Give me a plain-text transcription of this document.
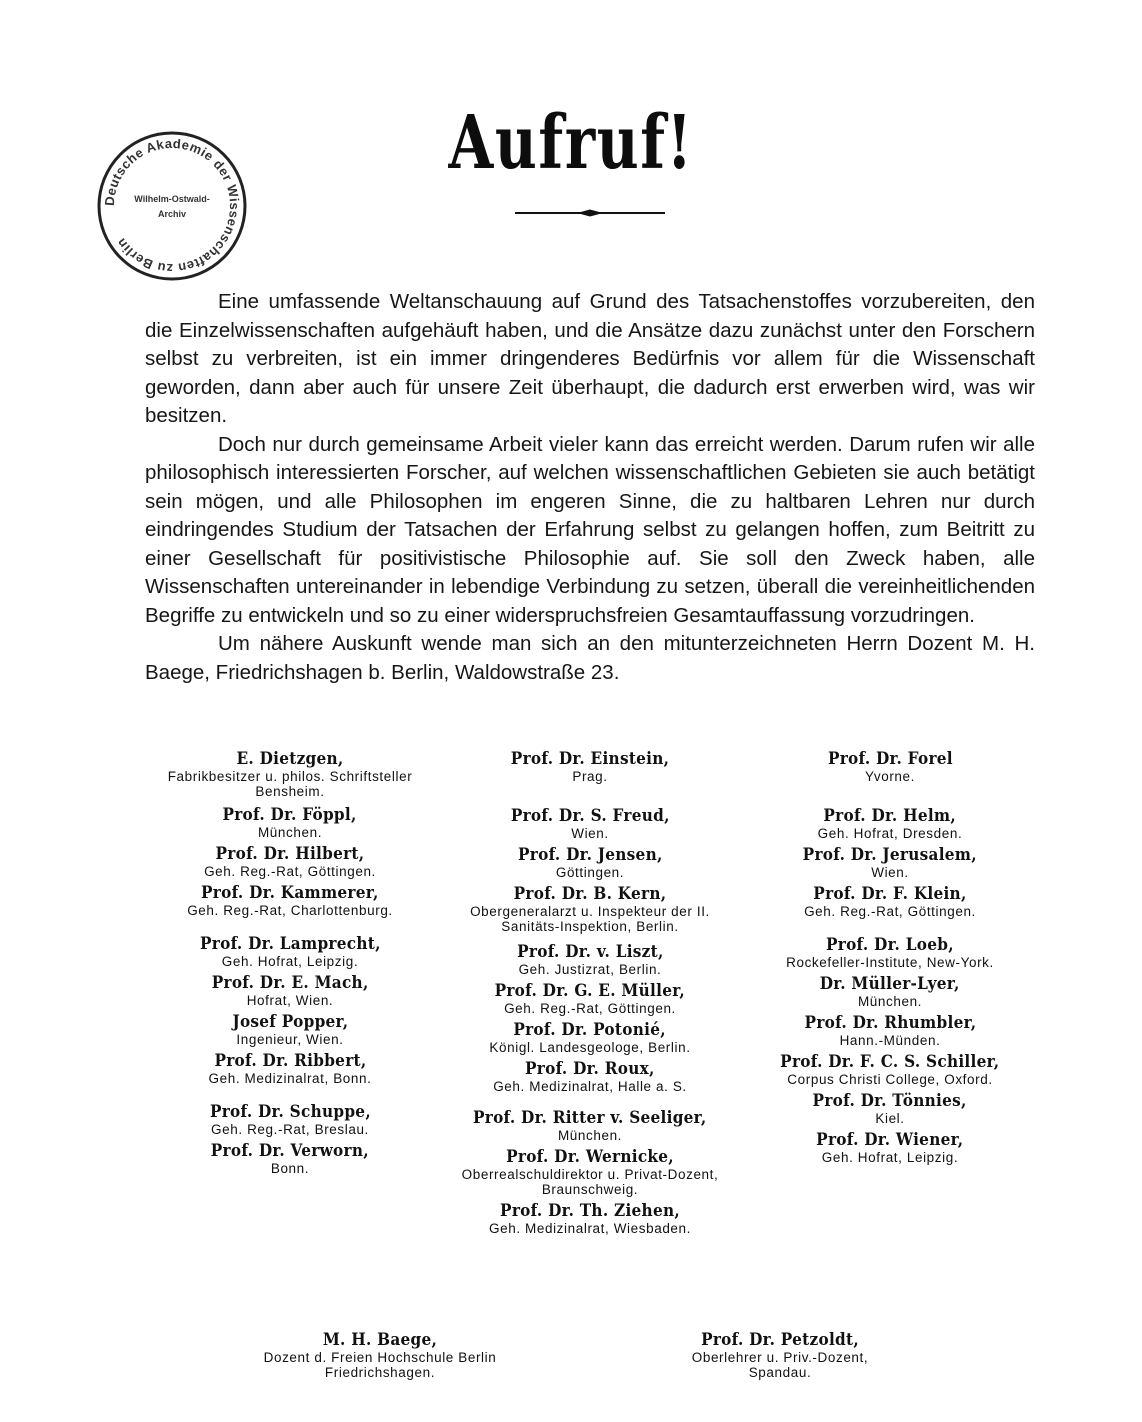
Deutsche Akademie der Wissenschaften zu Berlin
Wilhelm-Ostwald-
Archiv
Aufruf!

Eine umfassende Weltanschauung auf Grund des Tatsachenstoffes vorzubereiten, den die Einzelwissenschaften aufgehäuft haben, und die Ansätze dazu zunächst unter den Forschern selbst zu verbreiten, ist ein immer dringenderes Bedürfnis vor allem für die Wissenschaft geworden, dann aber auch für unsere Zeit überhaupt, die dadurch erst erwerben wird, was wir besitzen.

Doch nur durch gemeinsame Arbeit vieler kann das erreicht werden. Darum rufen wir alle philosophisch interessierten Forscher, auf welchen wissenschaftlichen Gebieten sie auch betätigt sein mögen, und alle Philosophen im engeren Sinne, die zu haltbaren Lehren nur durch eindringendes Studium der Tatsachen der Erfahrung selbst zu gelangen hoffen, zum Beitritt zu einer Gesellschaft für positivistische Philosophie auf. Sie soll den Zweck haben, alle Wissenschaften untereinander in lebendige Verbindung zu setzen, überall die vereinheitlichenden Begriffe zu entwickeln und so zu einer widerspruchsfreien Gesamtauffassung vorzudringen.

Um nähere Auskunft wende man sich an den mitunterzeichneten Herrn Dozent M. H. Baege, Friedrichshagen b. Berlin, Waldowstraße 23.

E. Dietzgen,
Fabrikbesitzer u. philos. Schriftsteller Bensheim.
Prof. Dr. Föppl,
München.
Prof. Dr. Hilbert,
Geh. Reg.-Rat, Göttingen.
Prof. Dr. Kammerer,
Geh. Reg.-Rat, Charlottenburg.
Prof. Dr. Lamprecht,
Geh. Hofrat, Leipzig.
Prof. Dr. E. Mach,
Hofrat, Wien.
Josef Popper,
Ingenieur, Wien.
Prof. Dr. Ribbert,
Geh. Medizinalrat, Bonn.
Prof. Dr. Schuppe,
Geh. Reg.-Rat, Breslau.
Prof. Dr. Verworn,
Bonn.
Prof. Dr. Einstein,
Prag.
Prof. Dr. S. Freud,
Wien.
Prof. Dr. Jensen,
Göttingen.
Prof. Dr. B. Kern,
Obergeneralarzt u. Inspekteur der II. Sanitäts-Inspektion, Berlin.
Prof. Dr. v. Liszt,
Geh. Justizrat, Berlin.
Prof. Dr. G. E. Müller,
Geh. Reg.-Rat, Göttingen.
Prof. Dr. Potonié,
Königl. Landesgeologe, Berlin.
Prof. Dr. Roux,
Geh. Medizinalrat, Halle a. S.
Prof. Dr. Ritter v. Seeliger,
München.
Prof. Dr. Wernicke,
Oberrealschuldirektor u. Privat-Dozent, Braunschweig.
Prof. Dr. Th. Ziehen,
Geh. Medizinalrat, Wiesbaden.
Prof. Dr. Forel
Yvorne.
Prof. Dr. Helm,
Geh. Hofrat, Dresden.
Prof. Dr. Jerusalem,
Wien.
Prof. Dr. F. Klein,
Geh. Reg.-Rat, Göttingen.
Prof. Dr. Loeb,
Rockefeller-Institute, New-York.
Dr. Müller-Lyer,
München.
Prof. Dr. Rhumbler,
Hann.-Münden.
Prof. Dr. F. C. S. Schiller,
Corpus Christi College, Oxford.
Prof. Dr. Tönnies,
Kiel.
Prof. Dr. Wiener,
Geh. Hofrat, Leipzig.
M. H. Baege,
Dozent d. Freien Hochschule Berlin
Friedrichshagen.
Prof. Dr. Petzoldt,
Oberlehrer u. Priv.-Dozent,
Spandau.
